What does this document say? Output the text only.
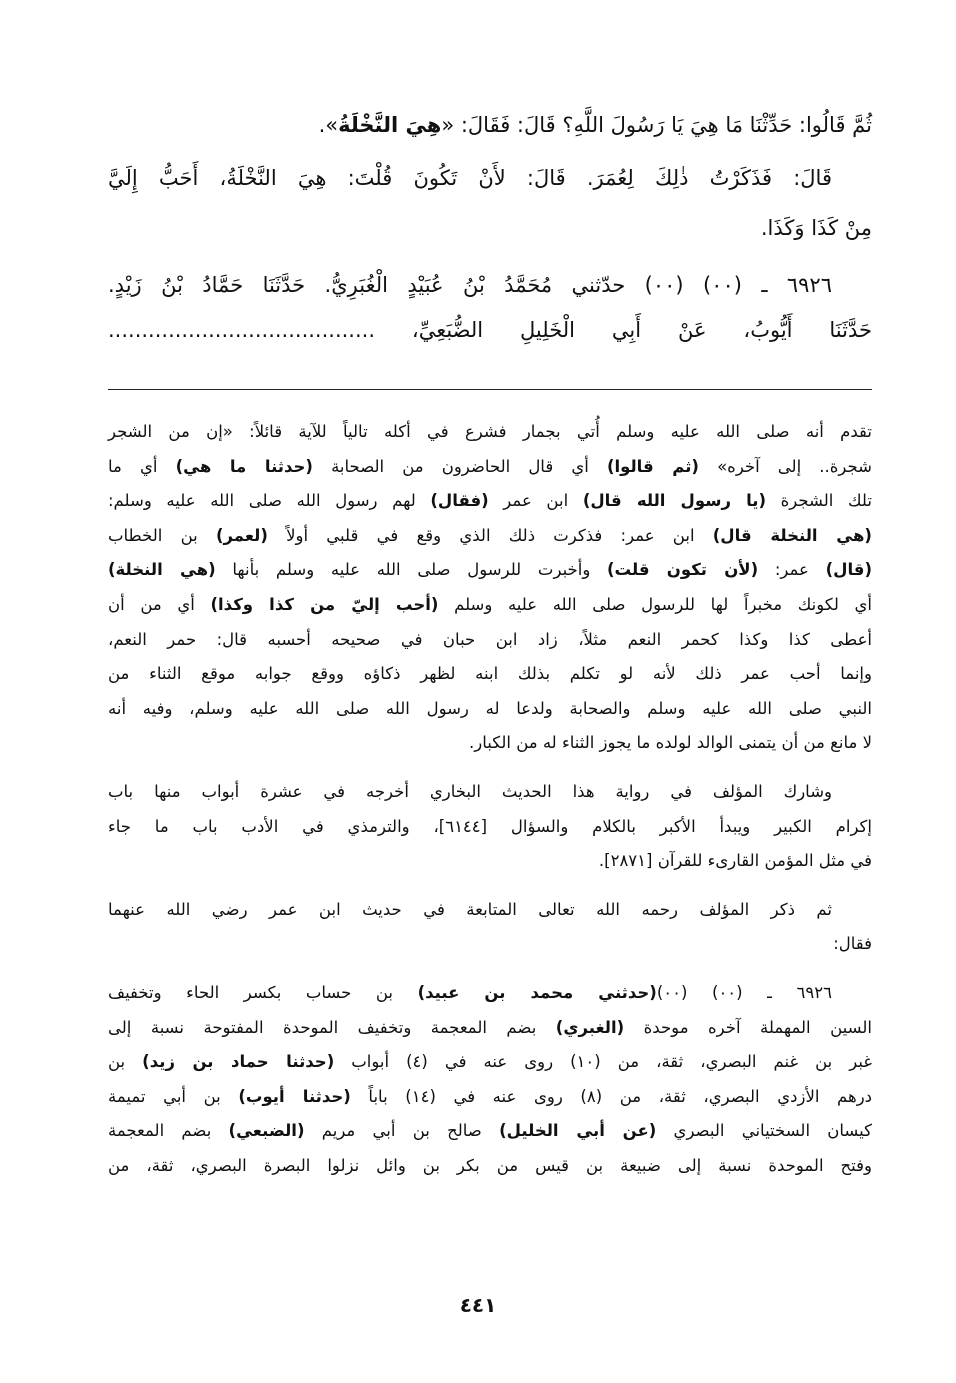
ثُمَّ قَالُوا: حَدِّثْنَا مَا هِيَ يَا رَسُولَ اللَّهِ؟ قَالَ: فَقَالَ: «هِيَ النَّخْلَةُ».
قَالَ: فَذَكَرْتُ ذٰلِكَ لِعُمَرَ. قَالَ: لأَنْ تَكُونَ قُلْتَ: هِيَ النَّخْلَةُ، أَحَبُّ إِلَيَّ
مِنْ كَذَا وَكَذَا.
٦٩٢٦ ـ (٠٠) (٠٠) حدّثني مُحَمَّدُ بْنُ عُبَيْدٍ الْغُبَرِيُّ. حَدَّثَنَا حَمَّادُ بْنُ زَيْدٍ.
حَدَّثَنَا أَيُّوبُ، عَنْ أَبِي الْخَلِيلِ الضُّبَعِيِّ، ........................................
تقدم أنه صلى الله عليه وسلم أُتي بجمار فشرع في أكله تالياً للآية قائلاً: «إن من الشجر
شجرة.. إلى آخره» (ثم قالوا) أي قال الحاضرون من الصحابة (حدثنا ما هي) أي ما
تلك الشجرة (يا رسول الله قال) ابن عمر (فقال) لهم رسول الله صلى الله عليه وسلم:
(هي النخلة قال) ابن عمر: فذكرت ذلك الذي وقع في قلبي أولاً (لعمر) بن الخطاب
(قال) عمر: (لأن تكون قلت) وأخبرت للرسول صلى الله عليه وسلم بأنها (هي النخلة)
أي لكونك مخبراً لها للرسول صلى الله عليه وسلم (أحب إليّ من كذا وكذا) أي من أن
أعطى كذا وكذا كحمر النعم مثلاً، زاد ابن حبان في صحيحه أحسبه قال: حمر النعم،
وإنما أحب عمر ذلك لأنه لو تكلم بذلك ابنه لظهر ذكاؤه ووقع جوابه موقع الثناء من
النبي صلى الله عليه وسلم والصحابة ولدعا له رسول الله صلى الله عليه وسلم، وفيه أنه
لا مانع من أن يتمنى الوالد لولده ما يجوز الثناء له من الكبار.
وشارك المؤلف في رواية هذا الحديث البخاري أخرجه في عشرة أبواب منها باب
إكرام الكبير ويبدأ الأكبر بالكلام والسؤال [٦١٤٤]، والترمذي في الأدب باب ما جاء
في مثل المؤمن القارىء للقرآن [٢٨٧١].
ثم ذكر المؤلف رحمه الله تعالى المتابعة في حديث ابن عمر رضي الله عنهما
فقال:
٦٩٢٦ ـ (٠٠) (٠٠)(حدثني محمد بن عبيد) بن حساب بكسر الحاء وتخفيف
السين المهملة آخره موحدة (الغبري) بضم المعجمة وتخفيف الموحدة المفتوحة نسبة إلى
غبر بن غنم البصري، ثقة، من (١٠) روى عنه في (٤) أبواب (حدثنا حماد بن زيد) بن
درهم الأزدي البصري، ثقة، من (٨) روى عنه في (١٤) باباً (حدثنا أيوب) بن أبي تميمة
كيسان السختياني البصري (عن أبي الخليل) صالح بن أبي مريم (الضبعي) بضم المعجمة
وفتح الموحدة نسبة إلى ضبيعة بن قيس من بكر بن وائل نزلوا البصرة البصري، ثقة، من
٤٤١
